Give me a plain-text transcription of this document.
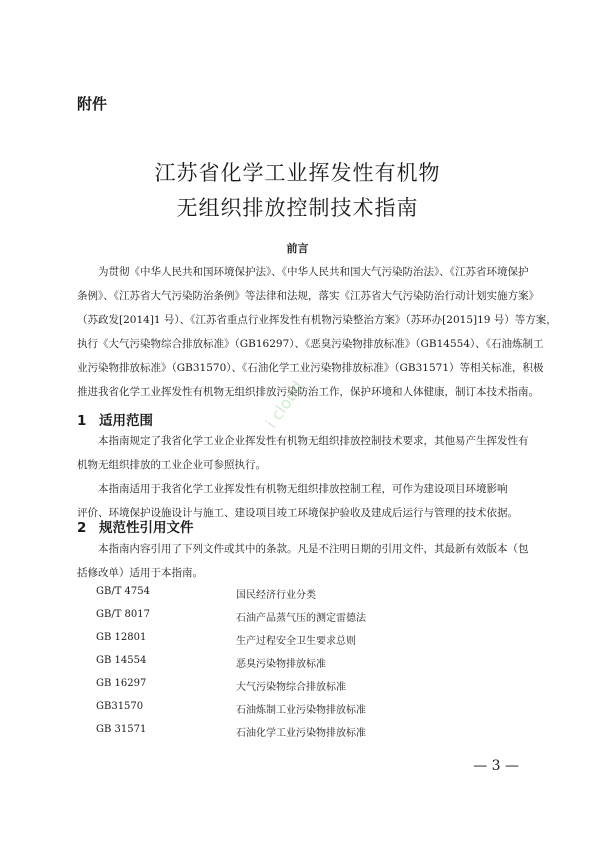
附件
江苏省化学工业挥发性有机物
无组织排放控制技术指南
前言
为贯彻《中华人民共和国环境保护法》、《中华人民共和国大气污染防治法》、《江苏省环境保护
条例》、《江苏省大气污染防治条例》等法律和法规，落实《江苏省大气污染防治行动计划实施方案》
（苏政发[2014]1 号）、《江苏省重点行业挥发性有机物污染整治方案》（苏环办[2015]19 号）等方案，
执行《大气污染物综合排放标准》（GB16297）、《恶臭污染物排放标准》（GB14554）、《石油炼制工
业污染物排放标准》（GB31570）、《石油化学工业污染物排放标准》（GB31571）等相关标准，积极
推进我省化学工业挥发性有机物无组织排放污染防治工作，保护环境和人体健康，制订本技术指南。
1 适用范围
本指南规定了我省化学工业企业挥发性有机物无组织排放控制技术要求，其他易产生挥发性有
机物无组织排放的工业企业可参照执行。
本指南适用于我省化学工业挥发性有机物无组织排放控制工程，可作为建设项目环境影响
评价、环境保护设施设计与施工、建设项目竣工环境保护验收及建成后运行与管理的技术依据。
2 规范性引用文件
本指南内容引用了下列文件或其中的条款。凡是不注明日期的引用文件，其最新有效版本（包
括修改单）适用于本指南。
GB/T 4754	国民经济行业分类
GB/T 8017	石油产品蒸气压的测定雷德法
GB 12801	生产过程安全卫生要求总则
GB 14554	恶臭污染物排放标准
GB 16297	大气污染物综合排放标准
GB31570	石油炼制工业污染物排放标准
GB 31571	石油化学工业污染物排放标准
i cloud
— 3 —
